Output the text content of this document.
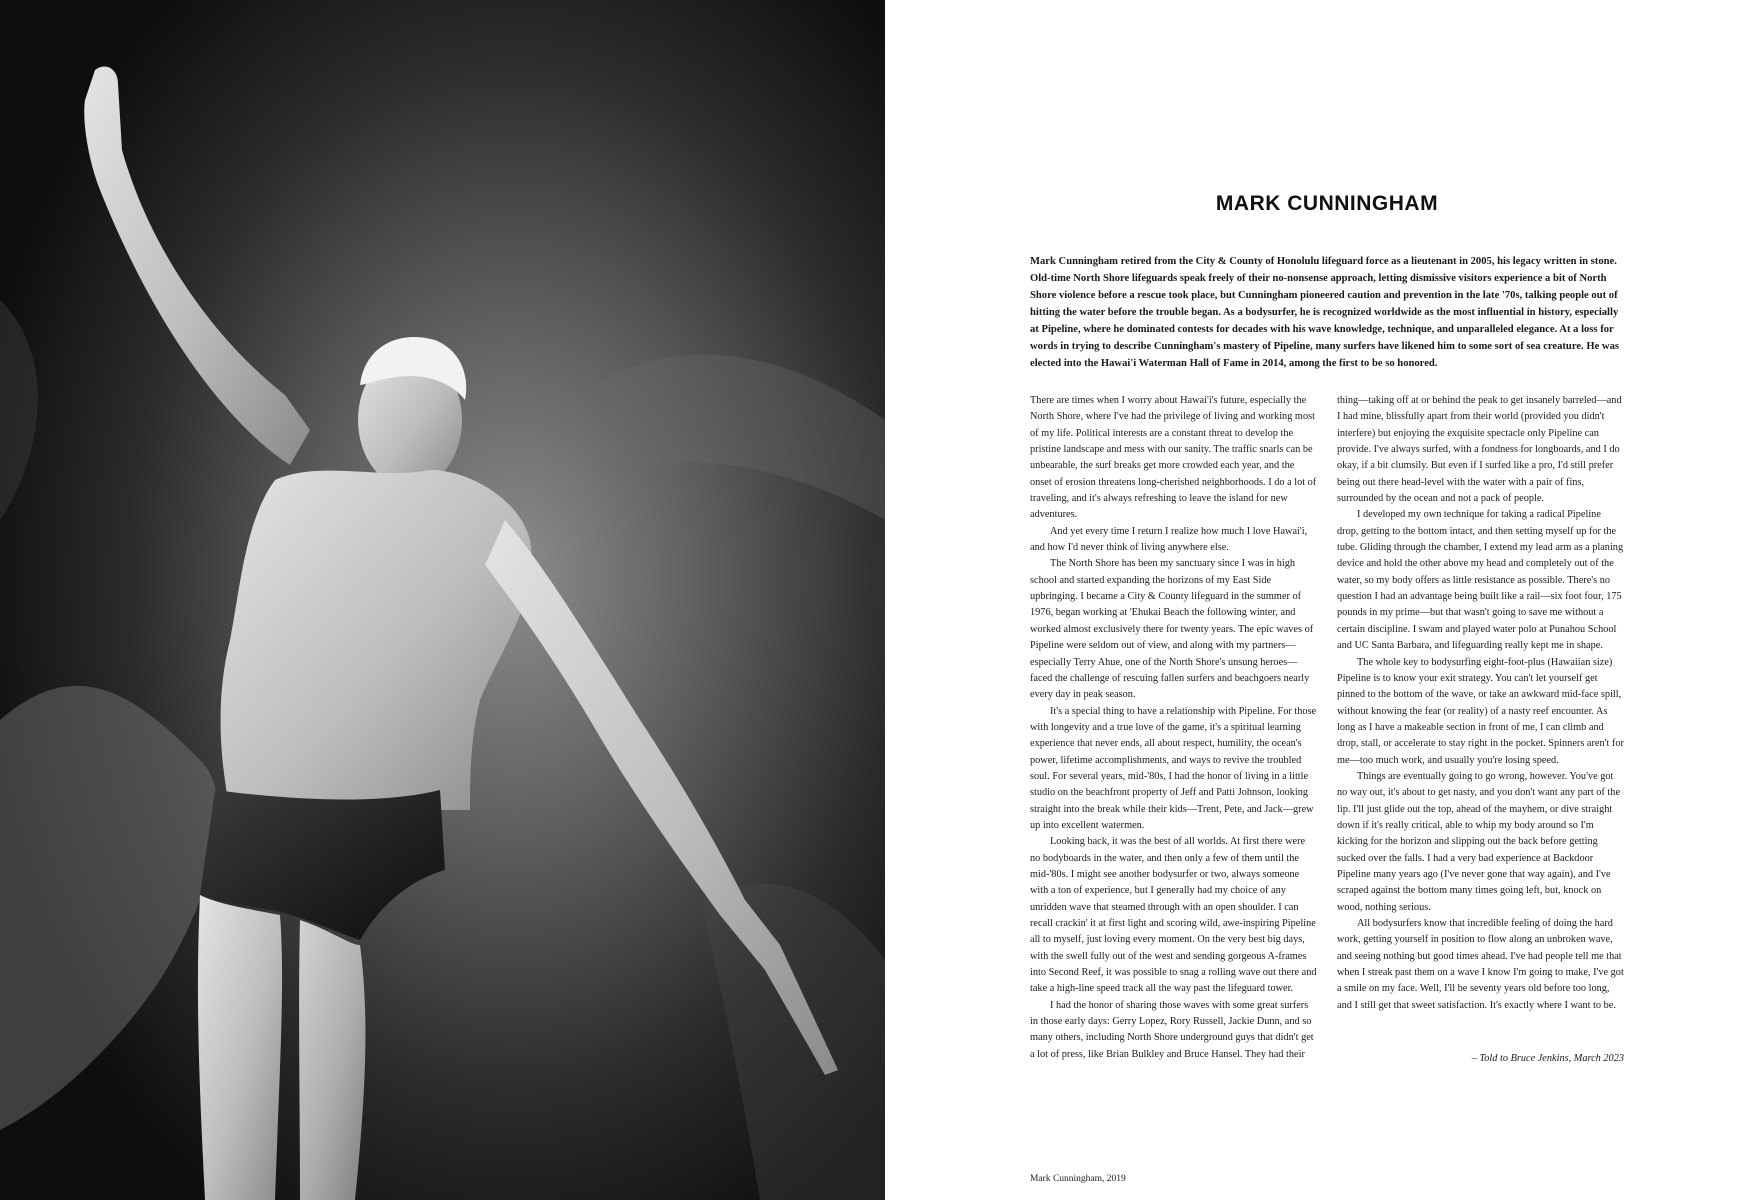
MARK CUNNINGHAM

Mark Cunningham retired from the City & County of Honolulu lifeguard force as a lieutenant in 2005, his legacy written in stone. Old-time North Shore lifeguards speak freely of their no-nonsense approach, letting dismissive visitors experience a bit of North Shore violence before a rescue took place, but Cunningham pioneered caution and prevention in the late '70s, talking people out of hitting the water before the trouble began. As a bodysurfer, he is recognized worldwide as the most influential in history, especially at Pipeline, where he dominated contests for decades with his wave knowledge, technique, and unparalleled elegance. At a loss for words in trying to describe Cunningham's mastery of Pipeline, many surfers have likened him to some sort of sea creature. He was elected into the Hawai'i Waterman Hall of Fame in 2014, among the first to be so honored.

There are times when I worry about Hawai'i's future, especially the North Shore, where I've had the privilege of living and working most of my life. Political interests are a constant threat to develop the pristine landscape and mess with our sanity. The traffic snarls can be unbearable, the surf breaks get more crowded each year, and the onset of erosion threatens long-cherished neighborhoods. I do a lot of traveling, and it's always refreshing to leave the island for new adventures.

And yet every time I return I realize how much I love Hawai'i, and how I'd never think of living anywhere else.

The North Shore has been my sanctuary since I was in high school and started expanding the horizons of my East Side upbringing. I became a City & County lifeguard in the summer of 1976, began working at 'Ehukai Beach the following winter, and worked almost exclusively there for twenty years. The epic waves of Pipeline were seldom out of view, and along with my partners—especially Terry Ahue, one of the North Shore's unsung heroes—faced the challenge of rescuing fallen surfers and beachgoers nearly every day in peak season.

It's a special thing to have a relationship with Pipeline. For those with longevity and a true love of the game, it's a spiritual learning experience that never ends, all about respect, humility, the ocean's power, lifetime accomplishments, and ways to revive the troubled soul. For several years, mid-'80s, I had the honor of living in a little studio on the beachfront property of Jeff and Patti Johnson, looking straight into the break while their kids—Trent, Pete, and Jack—grew up into excellent watermen.

Looking back, it was the best of all worlds. At first there were no bodyboards in the water, and then only a few of them until the mid-'80s. I might see another bodysurfer or two, always someone with a ton of experience, but I generally had my choice of any unridden wave that steamed through with an open shoulder. I can recall crackin' it at first light and scoring wild, awe-inspiring Pipeline all to myself, just loving every moment. On the very best big days, with the swell fully out of the west and sending gorgeous A-frames into Second Reef, it was possible to snag a rolling wave out there and take a high-line speed track all the way past the lifeguard tower.

I had the honor of sharing those waves with some great surfers in those early days: Gerry Lopez, Rory Russell, Jackie Dunn, and so many others, including North Shore underground guys that didn't get a lot of press, like Brian Bulkley and Bruce Hansel. They had their thing—taking off at or behind the peak to get insanely barreled—and I had mine, blissfully apart from their world (provided you didn't interfere) but enjoying the exquisite spectacle only Pipeline can provide. I've always surfed, with a fondness for longboards, and I do okay, if a bit clumsily. But even if I surfed like a pro, I'd still prefer being out there head-level with the water with a pair of fins, surrounded by the ocean and not a pack of people.

I developed my own technique for taking a radical Pipeline drop, getting to the bottom intact, and then setting myself up for the tube. Gliding through the chamber, I extend my lead arm as a planing device and hold the other above my head and completely out of the water, so my body offers as little resistance as possible. There's no question I had an advantage being built like a rail—six foot four, 175 pounds in my prime—but that wasn't going to save me without a certain discipline. I swam and played water polo at Punahou School and UC Santa Barbara, and lifeguarding really kept me in shape.

The whole key to bodysurfing eight-foot-plus (Hawaiian size) Pipeline is to know your exit strategy. You can't let yourself get pinned to the bottom of the wave, or take an awkward mid-face spill, without knowing the fear (or reality) of a nasty reef encounter. As long as I have a makeable section in front of me, I can climb and drop, stall, or accelerate to stay right in the pocket. Spinners aren't for me—too much work, and usually you're losing speed.

Things are eventually going to go wrong, however. You've got no way out, it's about to get nasty, and you don't want any part of the lip. I'll just glide out the top, ahead of the mayhem, or dive straight down if it's really critical, able to whip my body around so I'm kicking for the horizon and slipping out the back before getting sucked over the falls. I had a very bad experience at Backdoor Pipeline many years ago (I've never gone that way again), and I've scraped against the bottom many times going left, but, knock on wood, nothing serious.

All bodysurfers know that incredible feeling of doing the hard work, getting yourself in position to flow along an unbroken wave, and seeing nothing but good times ahead. I've had people tell me that when I streak past them on a wave I know I'm going to make, I've got a smile on my face. Well, I'll be seventy years old before too long, and I still get that sweet satisfaction. It's exactly where I want to be.

– Told to Bruce Jenkins, March 2023
Mark Cunningham, 2019
